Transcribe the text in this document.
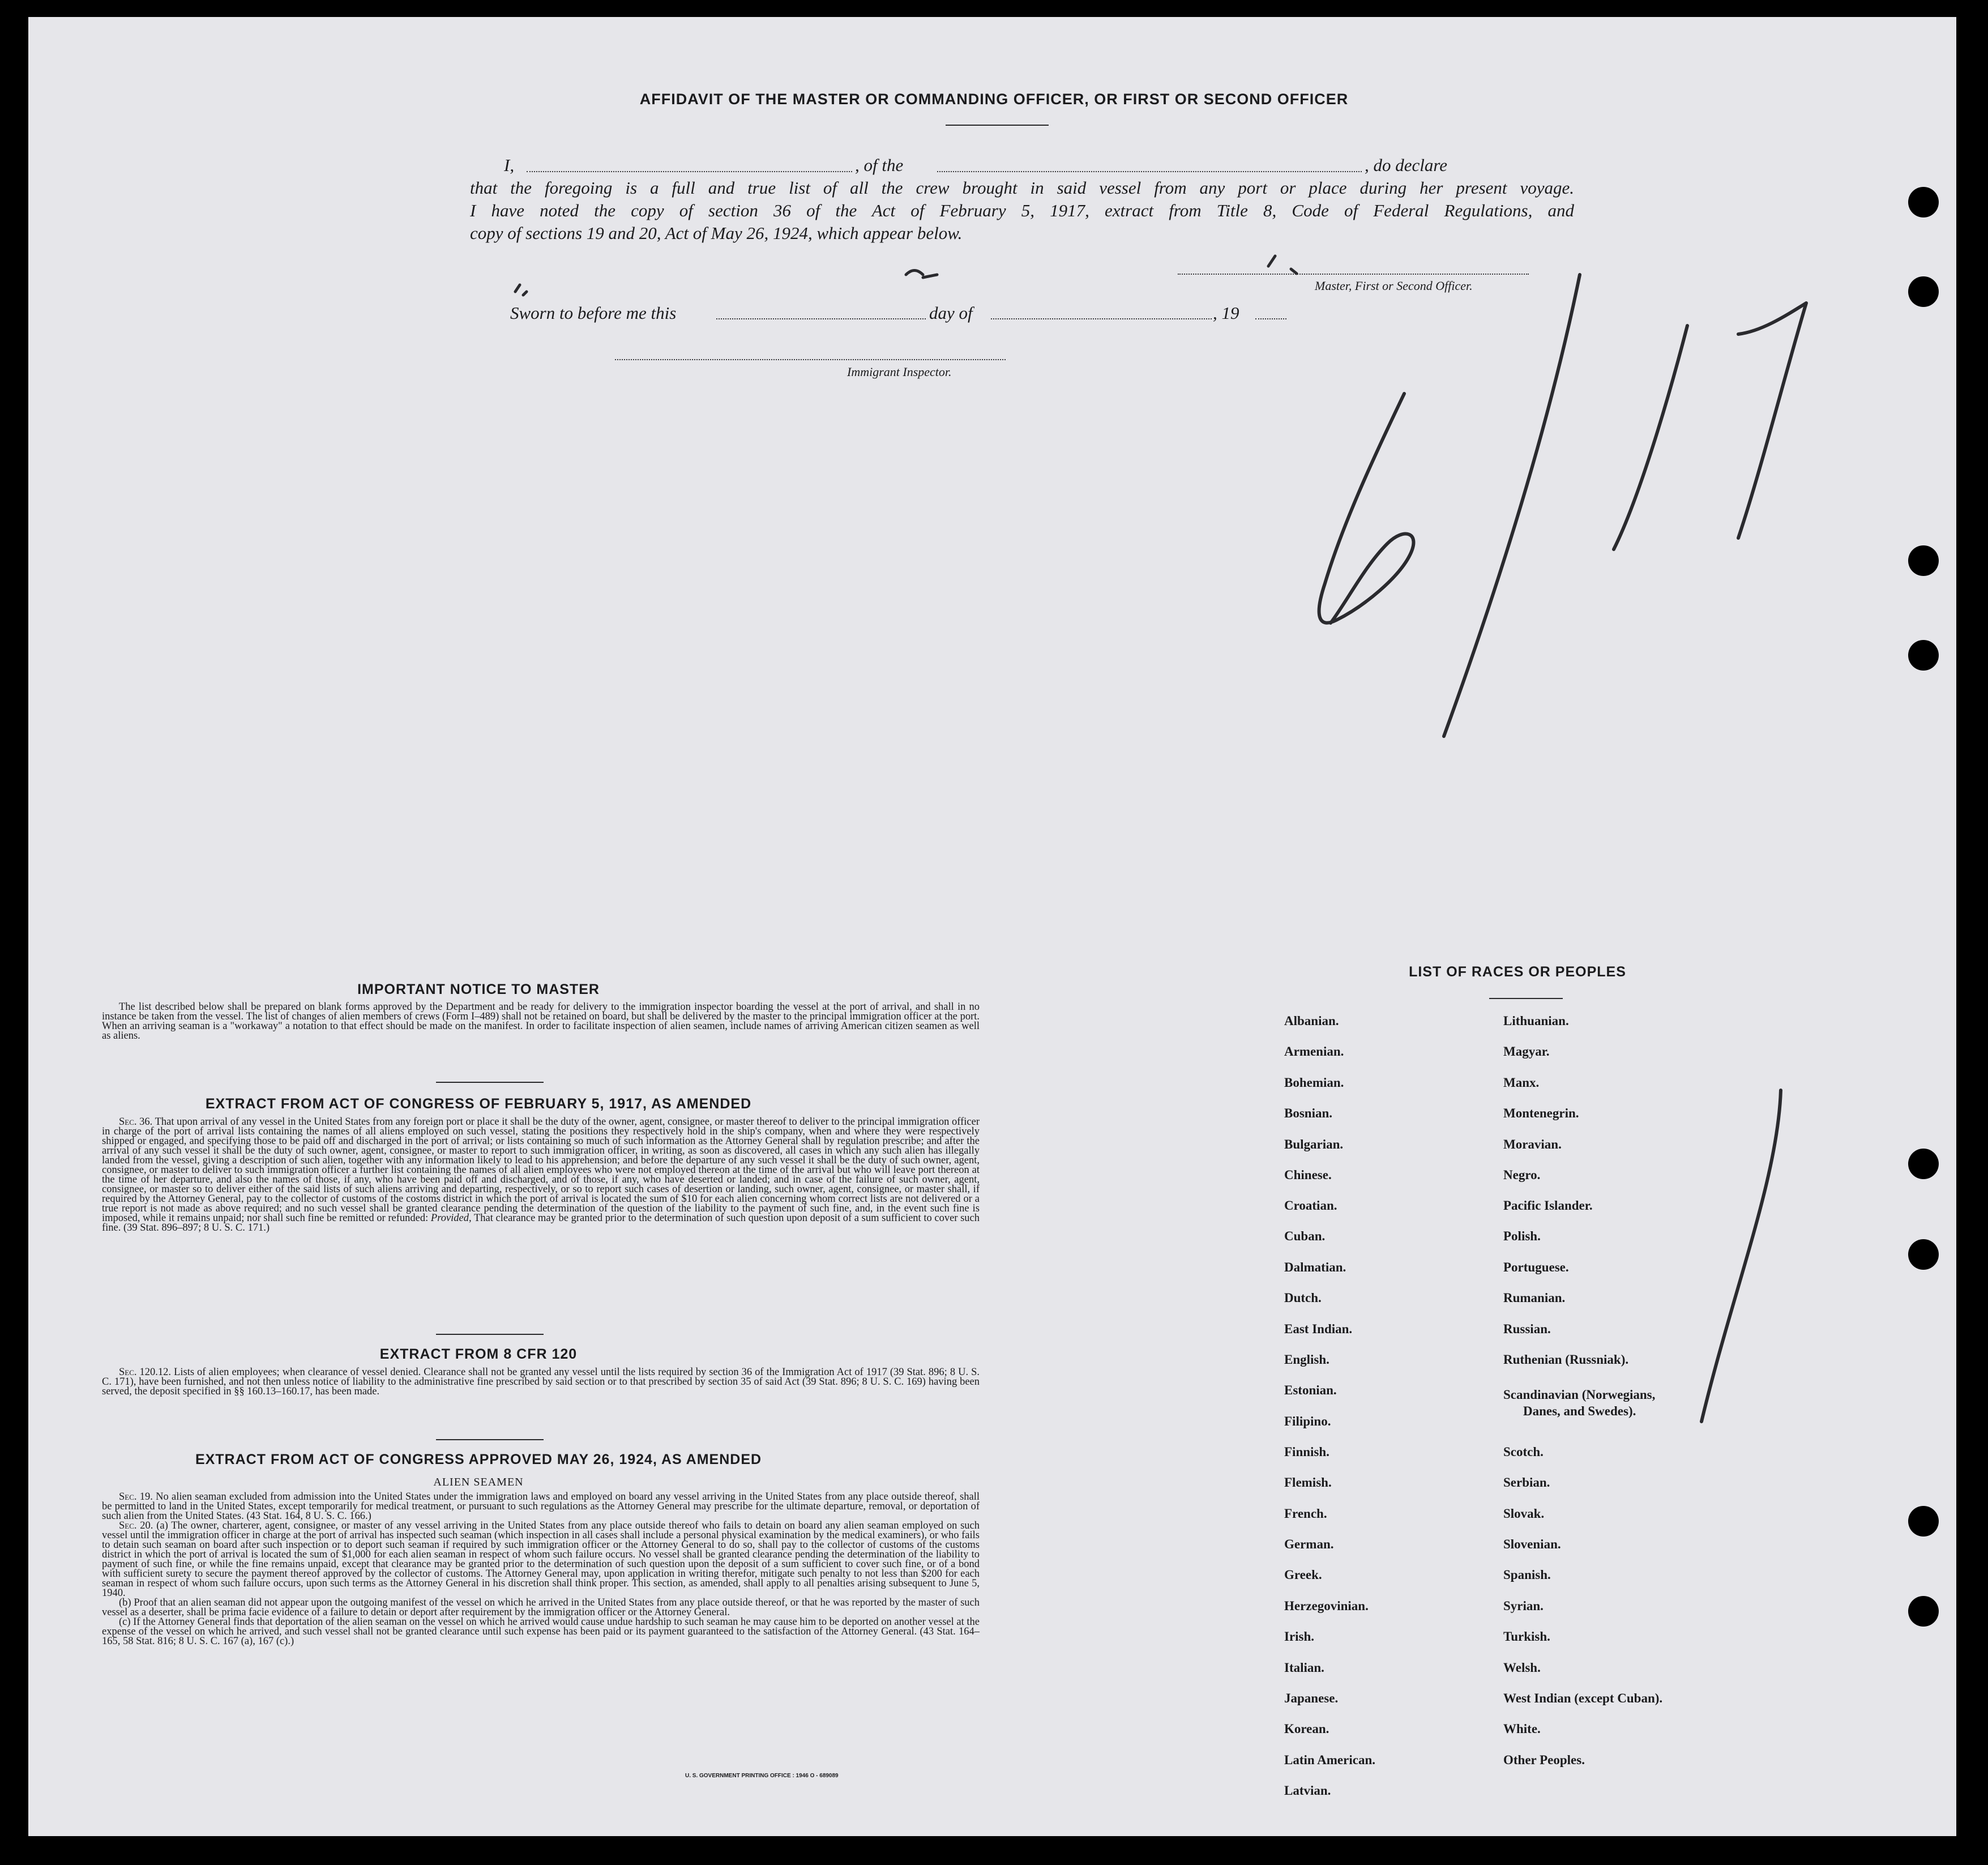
AFFIDAVIT OF THE MASTER OR COMMANDING OFFICER, OR FIRST OR SECOND OFFICER
I,	, of the	, do declare
that the foregoing is a full and true list of all the crew brought in said vessel from any port or place during her present voyage.
I have noted the copy of section 36 of the Act of February 5, 1917, extract from Title 8, Code of Federal Regulations, and
copy of sections 19 and 20, Act of May 26, 1924, which appear below.
Master, First or Second Officer.
Sworn to before me this	day of	, 19
Immigrant Inspector.
IMPORTANT NOTICE TO MASTER

The list described below shall be prepared on blank forms approved by the Department and be ready for delivery to the immigration inspector boarding the vessel at the port of arrival, and shall in no instance be taken from the vessel. The list of changes of alien members of crews (Form I–489) shall not be retained on board, but shall be delivered by the master to the principal immigration officer at the port. When an arriving seaman is a "workaway" a notation to that effect should be made on the manifest. In order to facilitate inspection of alien seamen, include names of arriving American citizen seamen as well as aliens.

EXTRACT FROM ACT OF CONGRESS OF FEBRUARY 5, 1917, AS AMENDED

Sec. 36. That upon arrival of any vessel in the United States from any foreign port or place it shall be the duty of the owner, agent, consignee, or master thereof to deliver to the principal immigration officer in charge of the port of arrival lists containing the names of all aliens employed on such vessel, stating the positions they respectively hold in the ship's company, when and where they were respectively shipped or engaged, and specifying those to be paid off and discharged in the port of arrival; or lists containing so much of such information as the Attorney General shall by regulation prescribe; and after the arrival of any such vessel it shall be the duty of such owner, agent, consignee, or master to report to such immigration officer, in writing, as soon as discovered, all cases in which any such alien has illegally landed from the vessel, giving a description of such alien, together with any information likely to lead to his apprehension; and before the departure of any such vessel it shall be the duty of such owner, agent, consignee, or master to deliver to such immigration officer a further list containing the names of all alien employees who were not employed thereon at the time of the arrival but who will leave port thereon at the time of her departure, and also the names of those, if any, who have been paid off and discharged, and of those, if any, who have deserted or landed; and in case of the failure of such owner, agent, consignee, or master so to deliver either of the said lists of such aliens arriving and departing, respectively, or so to report such cases of desertion or landing, such owner, agent, consignee, or master shall, if required by the Attorney General, pay to the collector of customs of the costoms district in which the port of arrival is located the sum of $10 for each alien concerning whom correct lists are not delivered or a true report is not made as above required; and no such vessel shall be granted clearance pending the determination of the question of the liability to the payment of such fine, and, in the event such fine is imposed, while it remains unpaid; nor shall such fine be remitted or refunded: Provided, That clearance may be granted prior to the determination of such question upon deposit of a sum sufficient to cover such fine. (39 Stat. 896–897; 8 U. S. C. 171.)

EXTRACT FROM 8 CFR 120

Sec. 120.12. Lists of alien employees; when clearance of vessel denied. Clearance shall not be granted any vessel until the lists required by section 36 of the Immigration Act of 1917 (39 Stat. 896; 8 U. S. C. 171), have been furnished, and not then unless notice of liability to the administrative fine prescribed by said section or to that prescribed by section 35 of said Act (39 Stat. 896; 8 U. S. C. 169) having been served, the deposit specified in §§ 160.13–160.17, has been made.

EXTRACT FROM ACT OF CONGRESS APPROVED MAY 26, 1924, AS AMENDED
ALIEN SEAMEN

Sec. 19. No alien seaman excluded from admission into the United States under the immigration laws and employed on board any vessel arriving in the United States from any place outside thereof, shall be permitted to land in the United States, except temporarily for medical treatment, or pursuant to such regulations as the Attorney General may prescribe for the ultimate departure, removal, or deportation of such alien from the United States. (43 Stat. 164, 8 U. S. C. 166.)

Sec. 20. (a) The owner, charterer, agent, consignee, or master of any vessel arriving in the United States from any place outside thereof who fails to detain on board any alien seaman employed on such vessel until the immigration officer in charge at the port of arrival has inspected such seaman (which inspection in all cases shall include a personal physical examination by the medical examiners), or who fails to detain such seaman on board after such inspection or to deport such seaman if required by such immigration officer or the Attorney General to do so, shall pay to the collector of customs of the customs district in which the port of arrival is located the sum of $1,000 for each alien seaman in respect of whom such failure occurs. No vessel shall be granted clearance pending the determination of the liability to payment of such fine, or while the fine remains unpaid, except that clearance may be granted prior to the determination of such question upon the deposit of a sum sufficient to cover such fine, or of a bond with sufficient surety to secure the payment thereof approved by the collector of customs. The Attorney General may, upon application in writing therefor, mitigate such penalty to not less than $200 for each seaman in respect of whom such failure occurs, upon such terms as the Attorney General in his discretion shall think proper. This section, as amended, shall apply to all penalties arising subsequent to June 5, 1940.

(b) Proof that an alien seaman did not appear upon the outgoing manifest of the vessel on which he arrived in the United States from any place outside thereof, or that he was reported by the master of such vessel as a deserter, shall be prima facie evidence of a failure to detain or deport after requirement by the immigration officer or the Attorney General.

(c) If the Attorney General finds that deportation of the alien seaman on the vessel on which he arrived would cause undue hardship to such seaman he may cause him to be deported on another vessel at the expense of the vessel on which he arrived, and such vessel shall not be granted clearance until such expense has been paid or its payment guaranteed to the satisfaction of the Attorney General. (43 Stat. 164–165, 58 Stat. 816; 8 U. S. C. 167 (a), 167 (c).)

U. S. GOVERNMENT PRINTING OFFICE : 1946 O - 689089
LIST OF RACES OR PEOPLES
Albanian.
Armenian.
Bohemian.
Bosnian.
Bulgarian.
Chinese.
Croatian.
Cuban.
Dalmatian.
Dutch.
East Indian.
English.
Estonian.
Filipino.
Finnish.
Flemish.
French.
German.
Greek.
Herzegovinian.
Irish.
Italian.
Japanese.
Korean.
Latin American.
Latvian.
Lithuanian.
Magyar.
Manx.
Montenegrin.
Moravian.
Negro.
Pacific Islander.
Polish.
Portuguese.
Rumanian.
Russian.
Ruthenian (Russniak).
Scandinavian (Norwegians,
Danes, and Swedes).
Scotch.
Serbian.
Slovak.
Slovenian.
Spanish.
Syrian.
Turkish.
Welsh.
West Indian (except Cuban).
White.
Other Peoples.
